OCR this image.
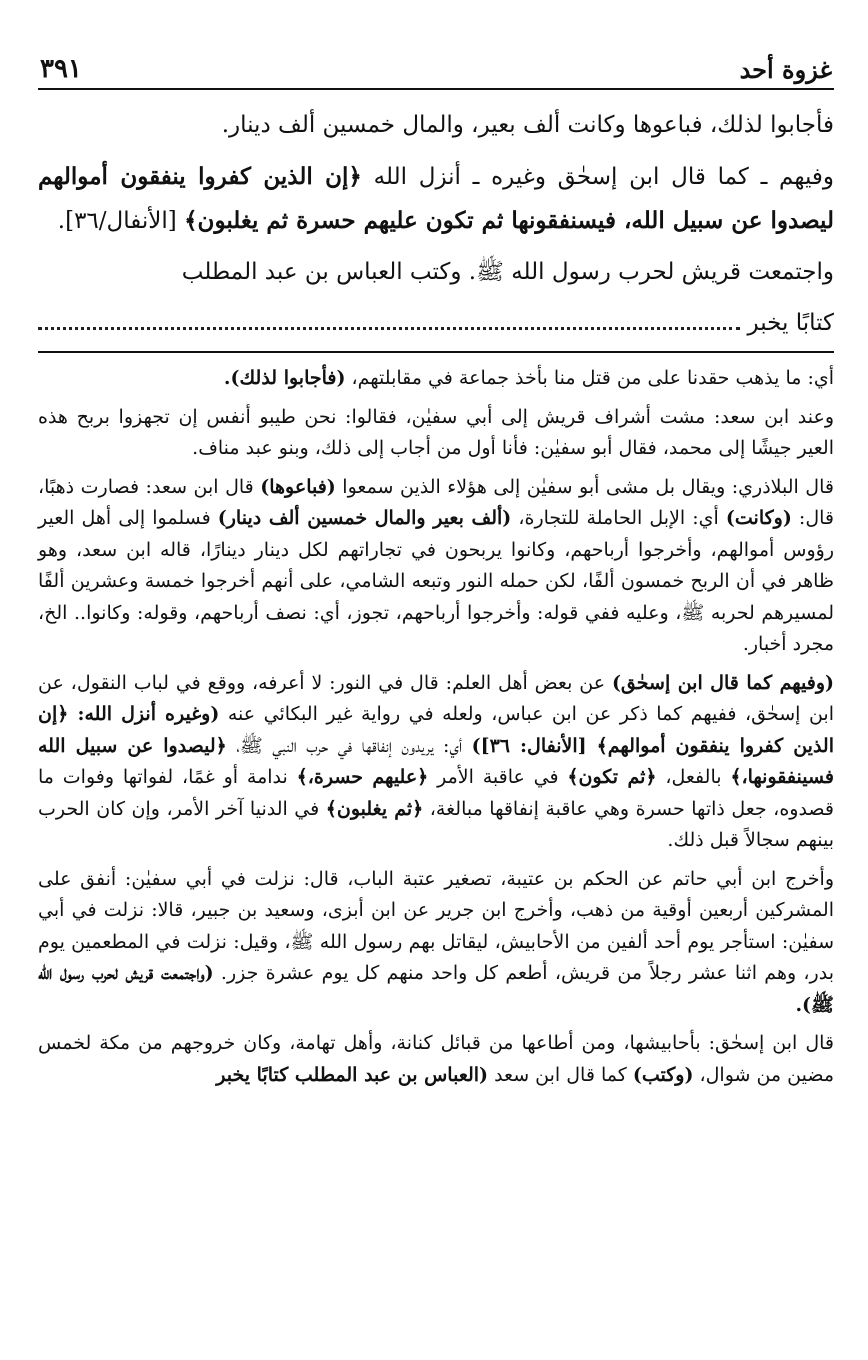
غزوة أحد
٣٩١

فأجابوا لذلك، فباعوها وكانت ألف بعير، والمال خمسين ألف دينار.

وفيهم ـ كما قال ابن إسحٰق وغيره ـ أنزل الله ﴿إن الذين كفروا ينفقون أموالهم ليصدوا عن سبيل الله، فيسنفقونها ثم تكون عليهم حسرة ثم يغلبون﴾ [الأنفال/٣٦].

واجتمعت قريش لحرب رسول الله ﷺ. وكتب العباس بن عبد المطلب

كتابًا يخبر

أي: ما يذهب حقدنا على من قتل منا بأخذ جماعة في مقابلتهم، (فأجابوا لذلك).

وعند ابن سعد: مشت أشراف قريش إلى أبي سفيٰن، فقالوا: نحن طيبو أنفس إن تجهزوا بربح هذه العير جيشًا إلى محمد، فقال أبو سفيٰن: فأنا أول من أجاب إلى ذلك، وبنو عبد مناف.

قال البلاذري: ويقال بل مشى أبو سفيٰن إلى هؤلاء الذين سمعوا (فباعوها) قال ابن سعد: فصارت ذهبًا، قال: (وكانت) أي: الإبل الحاملة للتجارة، (ألف بعير والمال خمسين ألف دينار) فسلموا إلى أهل العير رؤوس أموالهم، وأخرجوا أرباحهم، وكانوا يربحون في تجاراتهم لكل دينار دينارًا، قاله ابن سعد، وهو ظاهر في أن الربح خمسون ألفًا، لكن حمله النور وتبعه الشامي، على أنهم أخرجوا خمسة وعشرين ألفًا لمسيرهم لحربه ﷺ، وعليه ففي قوله: وأخرجوا أرباحهم، تجوز، أي: نصف أرباحهم، وقوله: وكانوا.. الخ، مجرد أخبار.

(وفيهم كما قال ابن إسحٰق) عن بعض أهل العلم: قال في النور: لا أعرفه، ووقع في لباب النقول، عن ابن إسحٰق، ففيهم كما ذكر عن ابن عباس، ولعله في رواية غير البكائي عنه (وغيره أنزل الله: ﴿إن الذين كفروا ينفقون أموالهم﴾ [الأنفال: ٣٦]) أي: يريدون إنفاقها في حرب النبي ﷺ، ﴿ليصدوا عن سبيل الله فسينفقونها،﴾ بالفعل، ﴿ثم تكون﴾ في عاقبة الأمر ﴿عليهم حسرة،﴾ ندامة أو غمًا، لفواتها وفوات ما قصدوه، جعل ذاتها حسرة وهي عاقبة إنفاقها مبالغة، ﴿ثم يغلبون﴾ في الدنيا آخر الأمر، وإن كان الحرب بينهم سجالاً قبل ذلك.

وأخرج ابن أبي حاتم عن الحكم بن عتيبة، تصغير عتبة الباب، قال: نزلت في أبي سفيٰن: أنفق على المشركين أربعين أوقية من ذهب، وأخرج ابن جرير عن ابن أبزى، وسعيد بن جبير، قالا: نزلت في أبي سفيٰن: استأجر يوم أحد ألفين من الأحابيش، ليقاتل بهم رسول الله ﷺ، وقيل: نزلت في المطعمين يوم بدر، وهم اثنا عشر رجلاً من قريش، أطعم كل واحد منهم كل يوم عشرة جزر. (واجتمعت قريش لحرب رسول الله ﷺ).

قال ابن إسحٰق: بأحابيشها، ومن أطاعها من قبائل كنانة، وأهل تهامة، وكان خروجهم من مكة لخمس مضين من شوال، (وكتب) كما قال ابن سعد (العباس بن عبد المطلب كتابًا يخبر
